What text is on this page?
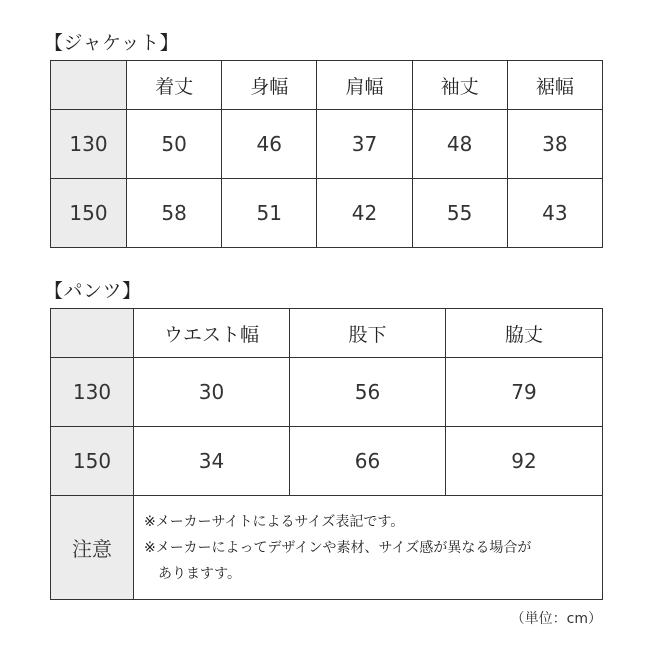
【ジャケット】
	着丈	身幅	肩幅	袖丈	裾幅
130	50	46	37	48	38
150	58	51	42	55	43
【パンツ】
	ウエスト幅	股下	脇丈
130	30	56	79
150	34	66	92
注意	※メーカーサイトによるサイズ表記です。
※メーカーによってデザインや素材、サイズ感が異なる場合が
ありますす。		
（単位：cm）
